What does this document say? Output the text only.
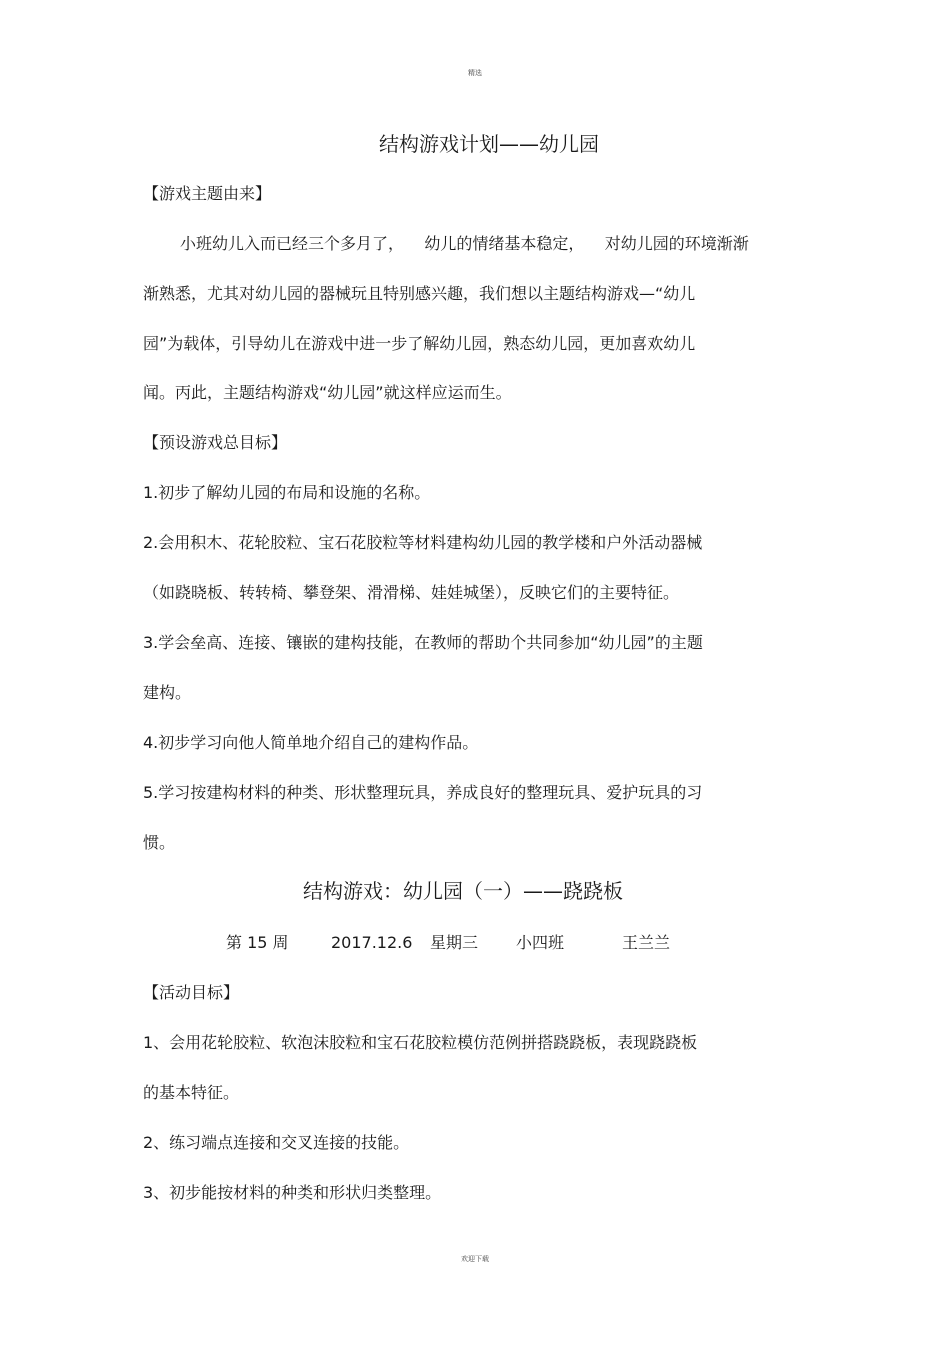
精选
结构游戏计划——幼儿园
【游戏主题由来】
小班幼儿入而已经三个多月了，    幼儿的情绪基本稳定，    对幼儿园的环境渐渐
渐熟悉，尤其对幼儿园的器械玩且特别感兴趣，我们想以主题结构游戏—“幼儿
园”为载体，引导幼儿在游戏中进一步了解幼儿园，熟态幼儿园，更加喜欢幼儿
闻。丙此，主题结构游戏“幼儿园”就这样应运而生。
【预设游戏总目标】
1.初步了解幼儿园的布局和设施的名称。
2.会用积木、花轮胶粒、宝石花胶粒等材料建构幼儿园的教学楼和户外活动器械
（如跷晓板、转转椅、攀登架、滑滑梯、娃娃城堡），反映它们的主要特征。
3.学会垒高、连接、镶嵌的建构技能，在教师的帮助个共同参加“幼儿园”的主题
建构。
4.初步学习向他人简单地介绍自己的建构作品。
5.学习按建构材料的种类、形状整理玩具，养成良好的整理玩具、爱护玩具的习
惯。
结构游戏：幼儿园（一）——跷跷板
第 15 周	2017.12.6 星期三 小四班	王兰兰
【活动目标】
1、会用花轮胶粒、软泡沫胶粒和宝石花胶粒模仿范例拼搭跷跷板，表现跷跷板
的基本特征。
2、练习端点连接和交叉连接的技能。
3、初步能按材料的种类和形状归类整理。
欢迎下载
